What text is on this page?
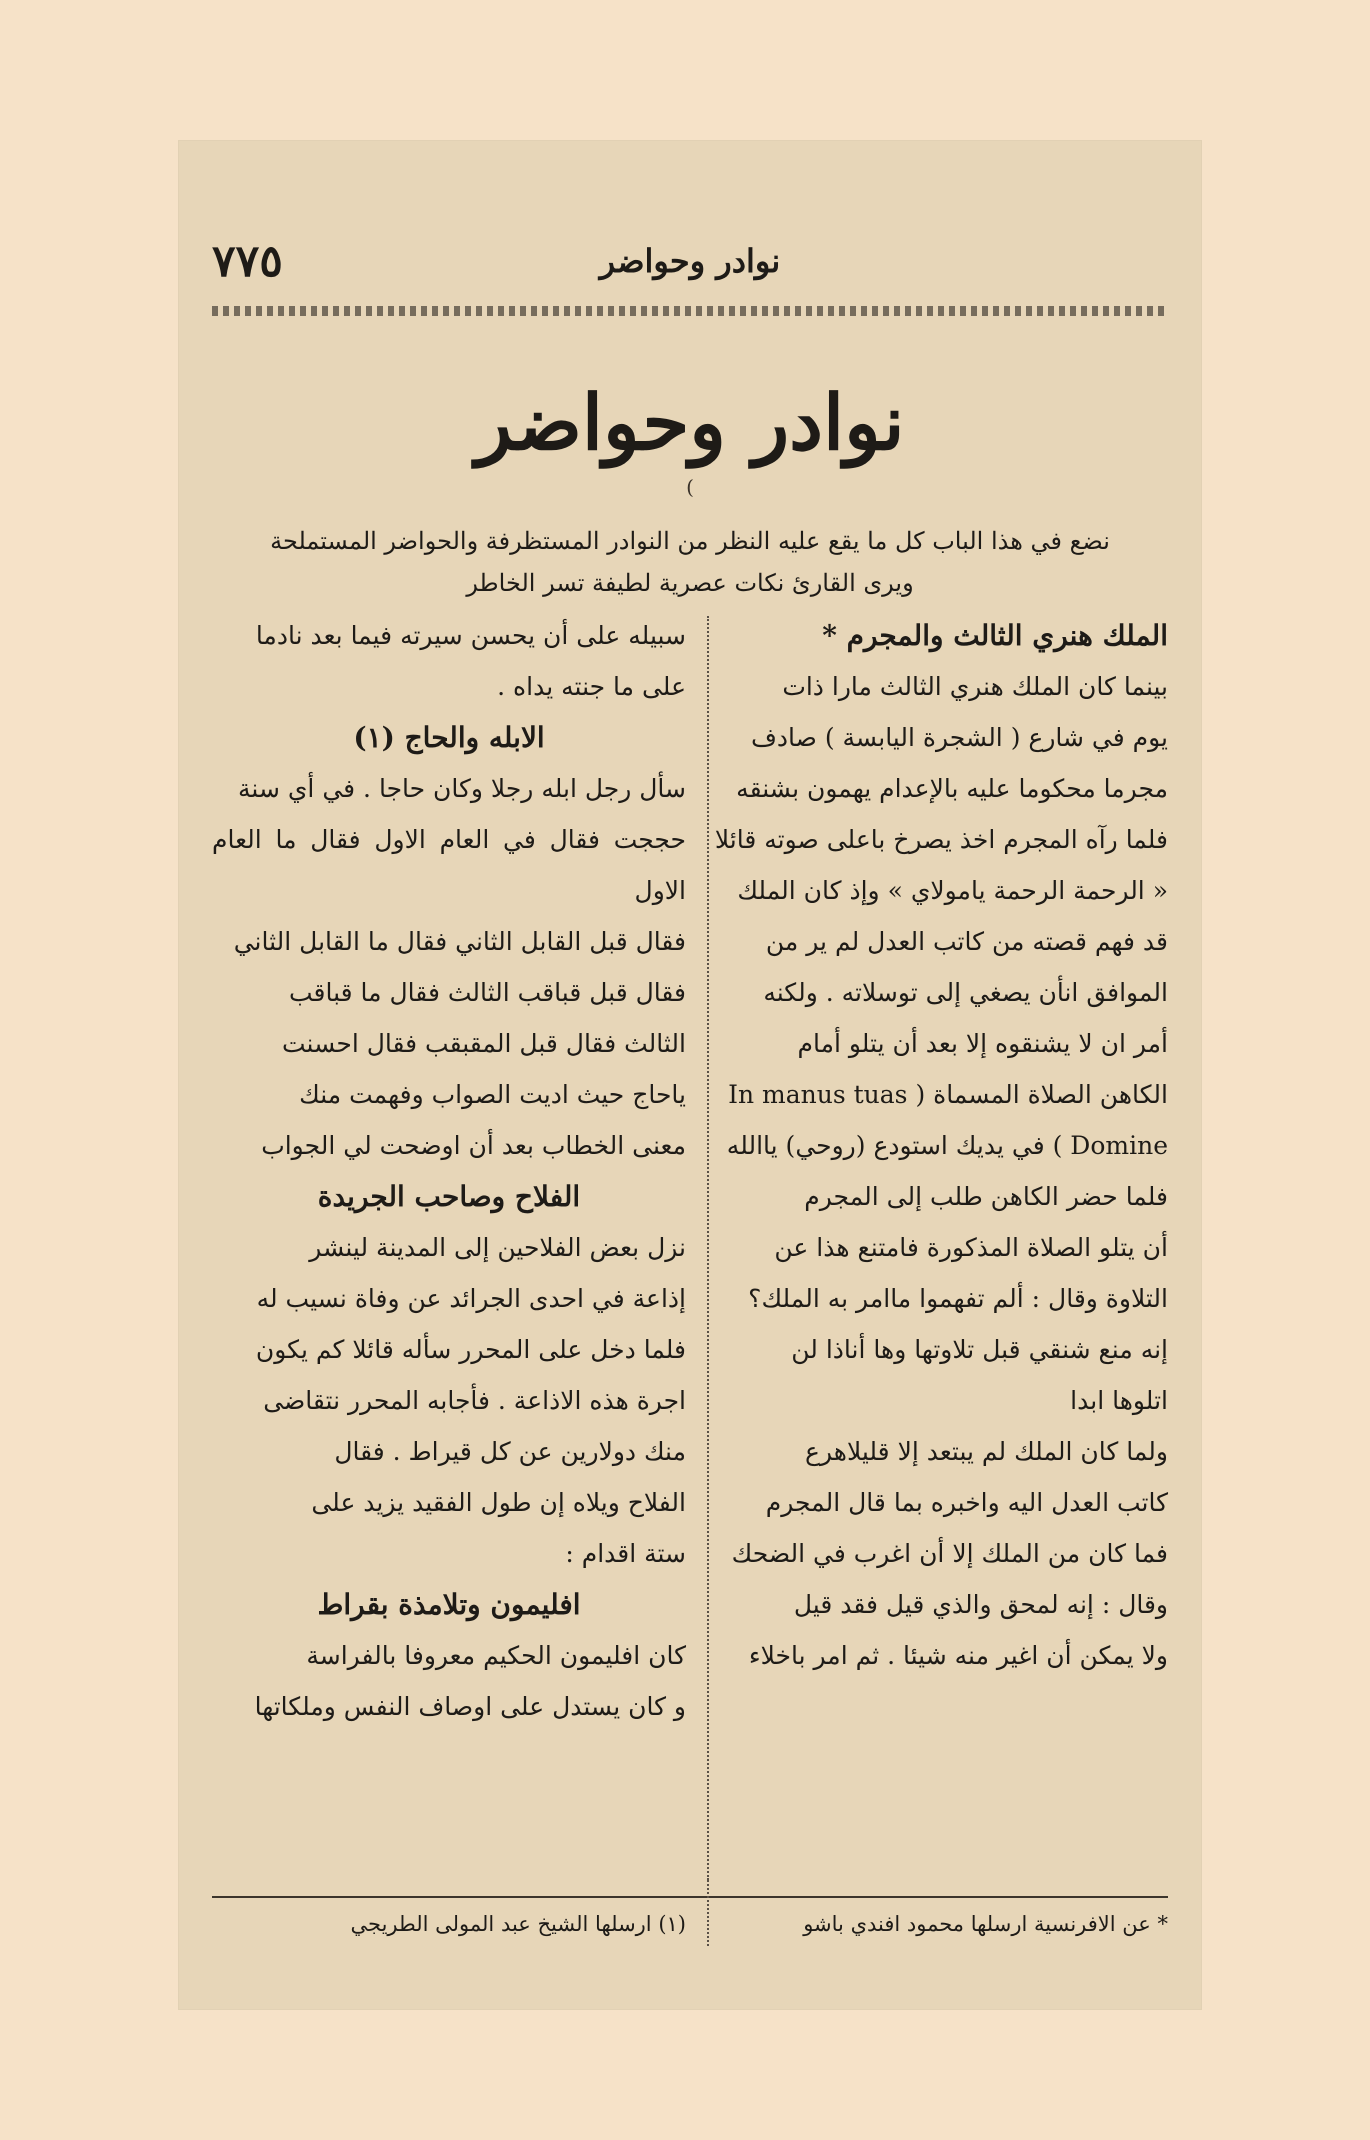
٧٧٥	نوادر وحواضر
نوادر وحواضر
(
نضع في هذا الباب كل ما يقع عليه النظر من النوادر المستظرفة والحواضر المستملحة
ويرى القارئ نكات عصرية لطيفة تسر الخاطر
الملك هنري الثالث والمجرم *
بينما كان الملك هنري الثالث مارا ذات
يوم في شارع ( الشجرة اليابسة ) صادف
مجرما محكوما عليه بالإعدام يهمون بشنقه
فلما رآه المجرم اخذ يصرخ باعلى صوته قائلا
« الرحمة الرحمة يامولاي » وإذ كان الملك
قد فهم قصته من كاتب العدل لم ير من
الموافق انأن يصغي إلى توسلاته . ولكنه
أمر ان لا يشنقوه إلا بعد أن يتلو أمام
الكاهن الصلاة المسماة ( In manus tuas
Domine ) في يديك استودع (روحي) ياالله
فلما حضر الكاهن طلب إلى المجرم
أن يتلو الصلاة المذكورة فامتنع هذا عن
التلاوة وقال : ألم تفهموا ماامر به الملك؟
إنه منع شنقي قبل تلاوتها وها أناذا لن
اتلوها ابدا
ولما كان الملك لم يبتعد إلا قليلاهرع
كاتب العدل اليه واخبره بما قال المجرم
فما كان من الملك إلا أن اغرب في الضحك
وقال : إنه لمحق والذي قيل فقد قيل
ولا يمكن أن اغير منه شيئا . ثم امر باخلاء
سبيله على أن يحسن سيرته فيما بعد نادما
على ما جنته يداه .
الابله والحاج (١)
سأل رجل ابله رجلا وكان حاجا . في أي سنة
حججت فقال في العام الاول فقال ما العام الاول
فقال قبل القابل الثاني فقال ما القابل الثاني
فقال قبل قباقب الثالث فقال ما قباقب
الثالث فقال قبل المقبقب فقال احسنت
ياحاج حيث اديت الصواب وفهمت منك
معنى الخطاب بعد أن اوضحت لي الجواب
الفلاح وصاحب الجريدة
نزل بعض الفلاحين إلى المدينة لينشر
إذاعة في احدى الجرائد عن وفاة نسيب له
فلما دخل على المحرر سأله قائلا كم يكون
اجرة هذه الاذاعة . فأجابه المحرر نتقاضى
منك دولارين عن كل قيراط . فقال
الفلاح ويلاه إن طول الفقيد يزيد على
ستة اقدام :
افليمون وتلامذة بقراط
كان افليمون الحكيم معروفا بالفراسة
و كان يستدل على اوصاف النفس وملكاتها
* عن الافرنسية ارسلها محمود افندي باشو
(١) ارسلها الشيخ عبد المولى الطريجي
